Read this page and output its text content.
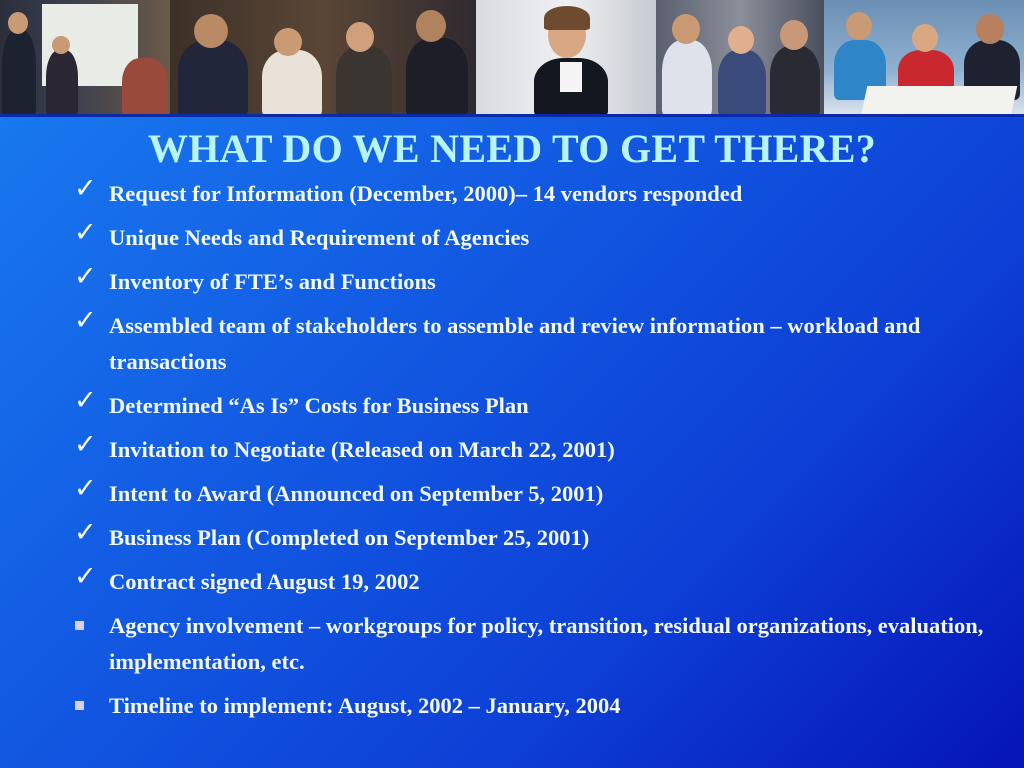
WHAT DO WE NEED TO GET THERE?
✓ Request for Information (December, 2000)– 14 vendors responded
✓ Unique Needs and Requirement of Agencies
✓ Inventory of FTE’s and Functions
✓ Assembled team of stakeholders to assemble and review information – workload and transactions
✓ Determined “As Is” Costs for Business Plan
✓ Invitation to Negotiate (Released on March 22, 2001)
✓ Intent to Award (Announced on September 5, 2001)
✓ Business Plan (Completed on September 25, 2001)
✓ Contract signed August 19, 2002
Agency involvement – workgroups for policy, transition, residual organizations, evaluation, implementation, etc.
Timeline to implement: August, 2002 – January, 2004
